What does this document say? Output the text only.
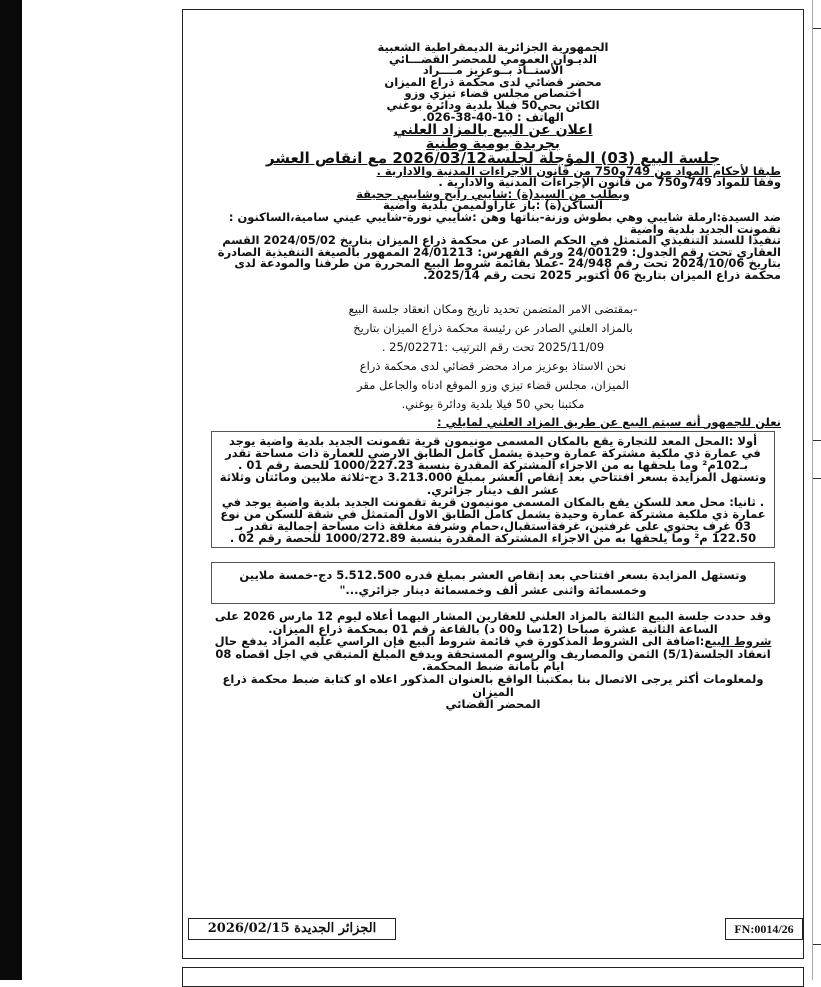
الجمهورية الجزائرية الديمقراطية الشعبية
الديـوان العمومي للمحضر القضـــائي
الأستــاذ بــوعزيز مــــراد
محضر قضائي لدى محكمة ذراع الميزان
اختصاص مجلس قضاء تيزي وزو
الكائن بحي50 فيلا بلدية ودائرة بوغني
الهاتف : 10-40-38-026.
اعلان عن البيع بالمزاد العلني
بجريدة يومية وطنية
جلسة البيع (03) المؤجلة لجلسة2026/03/12 مع انقاص العشر
طبقا لأحكام المواد من 749و750 من قانون الاجراءات المدنية والادارية .
وفقا للمواد 749و750 من قانون الإجراءات المدنية والادارية .
وبطلب من السيد(ة) :شايبي رابح وشايبي جحيقة
الساكن(ة) :باز غاراولميمن بلدية واضية
ضد السيدة:ارملة شايبي وهي بطوش وزنة-بناتها وهن :شايبي نورة-شايبي عيني سامية،الساكنون : تقمونت الجديد بلدية واضية
تنفيذا للسند التنفيذي المتمثل في الحكم الصادر عن محكمة ذراع الميزان بتاريخ 2024/05/02 القسم العقاري تحت رقم الجدول: 24/00129 ورقم الفهرس: 24/01213 الممهور بالصيغة التنفيذية الصادرة بتاريخ 2024/10/06 تحت رقم 24/948 -عملا بقائمة شروط البيع المحررة من طرفنا والمودعة لدى محكمة ذراع الميزان بتاريخ 06 أكتوبر 2025 تحت رقم 2025/14.
-بمقتضى الامر المتضمن تحديد تاريخ ومكان انعقاد جلسة البيع
بالمزاد العلني الصادر عن رئيسة محكمة ذراع الميزان بتاريخ
2025/11/09 تحت رقم الترتيب :25/02271 .
نحن الاستاذ بوعزيز مراد محضر قضائي لدى محكمة ذراع
الميزان، مجلس قضاء تيزي وزو الموقع ادناه والجاعل مقر
مكتبنا بحي 50 فيلا بلدية ودائرة بوغني.
نعلن للجمهور أنه سيتم البيع عن طريق المزاد العلني لمايلي :
أولا :المحل المعد للتجارة يقع بالمكان المسمى مونيمون قرية تقمونت الجديد بلدية واضية يوجد في عمارة ذي ملكية مشتركة عمارة وحيدة يشمل كامل الطابق الارضي للعمارة ذات مساحة تقدر بـ102م² وما يلحقها به من الاجزاء المشتركة المقدرة بنسبة 1000/227.23 للحصة رقم 01 .
وتستهل المزايدة بسعر افتتاحي بعد إنقاص العشر بمبلغ 3.213.000 دج-ثلاثة ملايين ومائتان وثلاثة عشر الف دينار جزائري.
. ثانيا: محل معد للسكن يقع بالمكان المسمى مونيمون قرية تقمونت الجديد بلدية واضية يوجد في عمارة ذي ملكية مشتركة عمارة وحيدة يشمل كامل الطابق الاول المتمثل في شقة للسكن من نوع 03 غرف يحتوي على غرفتين، غرفةاستقبال،حمام وشرفة مغلقة ذات مساحة إجمالية تقدر بـ 122.50 م² وما يلحقها به من الاجزاء المشتركة المقدرة بنسبة 1000/272.89 للحصة رقم 02 .
وتستهل المزايدة بسعر افتتاحي بعد إنقاص العشر بمبلغ قدره 5.512.500 دج-خمسة ملايين وخمسمائة واثنى عشر ألف وخمسمائة دينار جزائري..."
وقد حددت جلسة البيع الثالثة بالمزاد العلني للعقارين المشار اليهما أعلاه ليوم 12 مارس 2026 على الساعة الثانية عشرة صباحا (12سا و00 د) بالقاعة رقم 01 بمحكمة ذراع الميزان.
شروط البيع:اضافة الى الشروط المذكورة في قائمة شروط البيع فإن الراسي عليه المزاد يدفع حال انعقاد الجلسة(5/1) الثمن والمصاريف والرسوم المستحقة ويدفع المبلغ المتبقي في اجل اقصاه 08 ايام بأمانة ضبط المحكمة.
ولمعلومات أكثر يرجى الاتصال بنا بمكتبنا الواقع بالعنوان المذكور اعلاه او كتابة ضبط محكمة ذراع الميزان
المحضر القضائي
الجزائر الجديدة 2026/02/15	FN:0014/26
